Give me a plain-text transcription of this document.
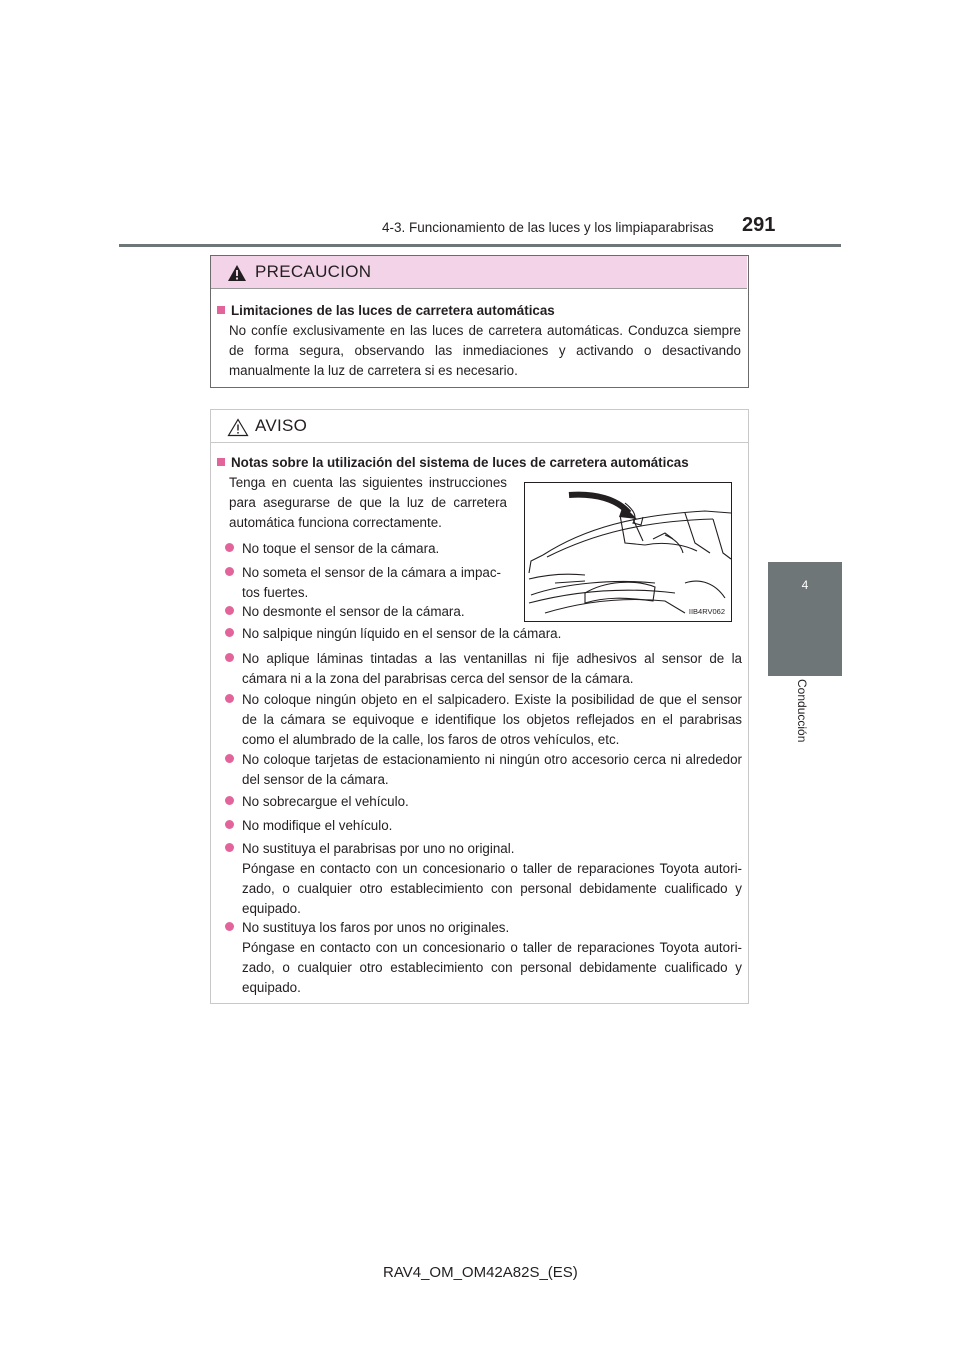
4-3. Funcionamiento de las luces y los limpiaparabrisas 291
4
Conducción
PRECAUCION
Limitaciones de las luces de carretera automáticas
No confíe exclusivamente en las luces de carretera automáticas. Conduzca siempre de forma segura, observando las inmediaciones y activando o desactivando manualmente la luz de carretera si es necesario.
AVISO
Notas sobre la utilización del sistema de luces de carretera automáticas
Tenga en cuenta las siguientes instrucciones para asegurarse de que la luz de carretera automática funciona correctamente.
IIB4RV062
No toque el sensor de la cámara.
No someta el sensor de la cámara a impac-tos fuertes.
No desmonte el sensor de la cámara.
No salpique ningún líquido en el sensor de la cámara.
No aplique láminas tintadas a las ventanillas ni fije adhesivos al sensor de la cámara ni a la zona del parabrisas cerca del sensor de la cámara.
No coloque ningún objeto en el salpicadero. Existe la posibilidad de que el sensor de la cámara se equivoque e identifique los objetos reflejados en el parabrisas como el alumbrado de la calle, los faros de otros vehículos, etc.
No coloque tarjetas de estacionamiento ni ningún otro accesorio cerca ni alrededor del sensor de la cámara.
No sobrecargue el vehículo.
No modifique el vehículo.
No sustituya el parabrisas por uno no original.
Póngase en contacto con un concesionario o taller de reparaciones Toyota autori-zado, o cualquier otro establecimiento con personal debidamente cualificado y equipado.
No sustituya los faros por unos no originales.
Póngase en contacto con un concesionario o taller de reparaciones Toyota autori-zado, o cualquier otro establecimiento con personal debidamente cualificado y equipado.
RAV4_OM_OM42A82S_(ES)
